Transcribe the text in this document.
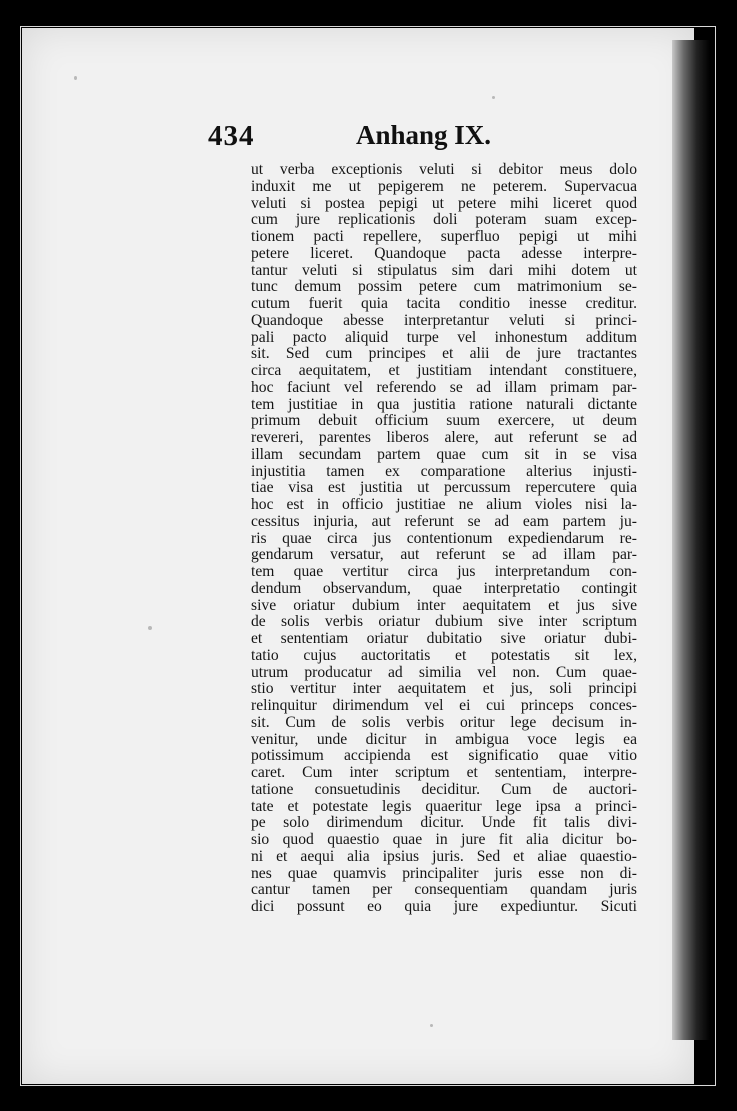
434	Anhang IX.
ut verba exceptionis veluti si debitor meus dolo
induxit me ut pepigerem ne peterem. Supervacua
veluti si postea pepigi ut petere mihi liceret quod
cum jure replicationis doli poteram suam excep-
tionem pacti repellere, superfluo pepigi ut mihi
petere liceret. Quandoque pacta adesse interpre-
tantur veluti si stipulatus sim dari mihi dotem ut
tunc demum possim petere cum matrimonium se-
cutum fuerit quia tacita conditio inesse creditur.
Quandoque abesse interpretantur veluti si princi-
pali pacto aliquid turpe vel inhonestum additum
sit. Sed cum principes et alii de jure tractantes
circa aequitatem, et justitiam intendant constituere,
hoc faciunt vel referendo se ad illam primam par-
tem justitiae in qua justitia ratione naturali dictante
primum debuit officium suum exercere, ut deum
revereri, parentes liberos alere, aut referunt se ad
illam secundam partem quae cum sit in se visa
injustitia tamen ex comparatione alterius injusti-
tiae visa est justitia ut percussum repercutere quia
hoc est in officio justitiae ne alium violes nisi la-
cessitus injuria, aut referunt se ad eam partem ju-
ris quae circa jus contentionum expediendarum re-
gendarum versatur, aut referunt se ad illam par-
tem quae vertitur circa jus interpretandum con-
dendum observandum, quae interpretatio contingit
sive oriatur dubium inter aequitatem et jus sive
de solis verbis oriatur dubium sive inter scriptum
et sententiam oriatur dubitatio sive oriatur dubi-
tatio cujus auctoritatis et potestatis sit lex,
utrum producatur ad similia vel non. Cum quae-
stio vertitur inter aequitatem et jus, soli principi
relinquitur dirimendum vel ei cui princeps conces-
sit. Cum de solis verbis oritur lege decisum in-
venitur, unde dicitur in ambigua voce legis ea
potissimum accipienda est significatio quae vitio
caret. Cum inter scriptum et sententiam, interpre-
tatione consuetudinis deciditur. Cum de auctori-
tate et potestate legis quaeritur lege ipsa a princi-
pe solo dirimendum dicitur. Unde fit talis divi-
sio quod quaestio quae in jure fit alia dicitur bo-
ni et aequi alia ipsius juris. Sed et aliae quaestio-
nes quae quamvis principaliter juris esse non di-
cantur tamen per consequentiam quandam juris
dici possunt eo quia jure expediuntur. Sicuti
